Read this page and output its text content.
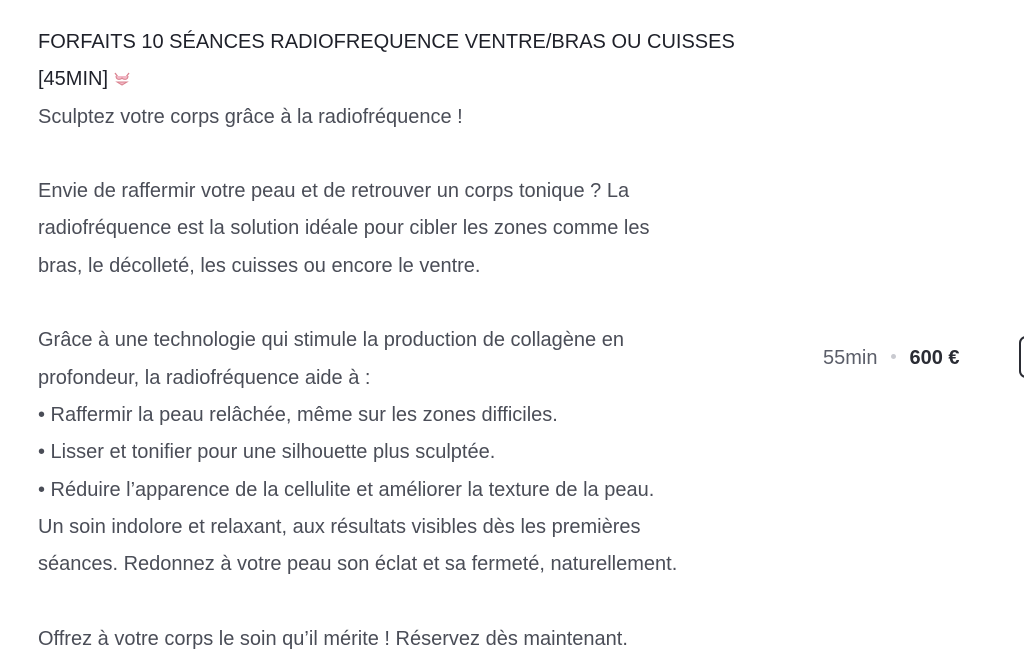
FORFAITS 10 SÉANCES RADIOFREQUENCE VENTRE/BRAS OU CUISSES [45MIN]
Sculptez votre corps grâce à la radiofréquence !
Envie de raffermir votre peau et de retrouver un corps tonique ? La
radiofréquence est la solution idéale pour cibler les zones comme les
bras, le décolleté, les cuisses ou encore le ventre.
Grâce à une technologie qui stimule la production de collagène en
profondeur, la radiofréquence aide à :
• Raffermir la peau relâchée, même sur les zones difficiles.
• Lisser et tonifier pour une silhouette plus sculptée.
• Réduire l’apparence de la cellulite et améliorer la texture de la peau.
Un soin indolore et relaxant, aux résultats visibles dès les premières
séances. Redonnez à votre peau son éclat et sa fermeté, naturellement.
Offrez à votre corps le soin qu’il mérite ! Réservez dès maintenant.
55min 600 €
